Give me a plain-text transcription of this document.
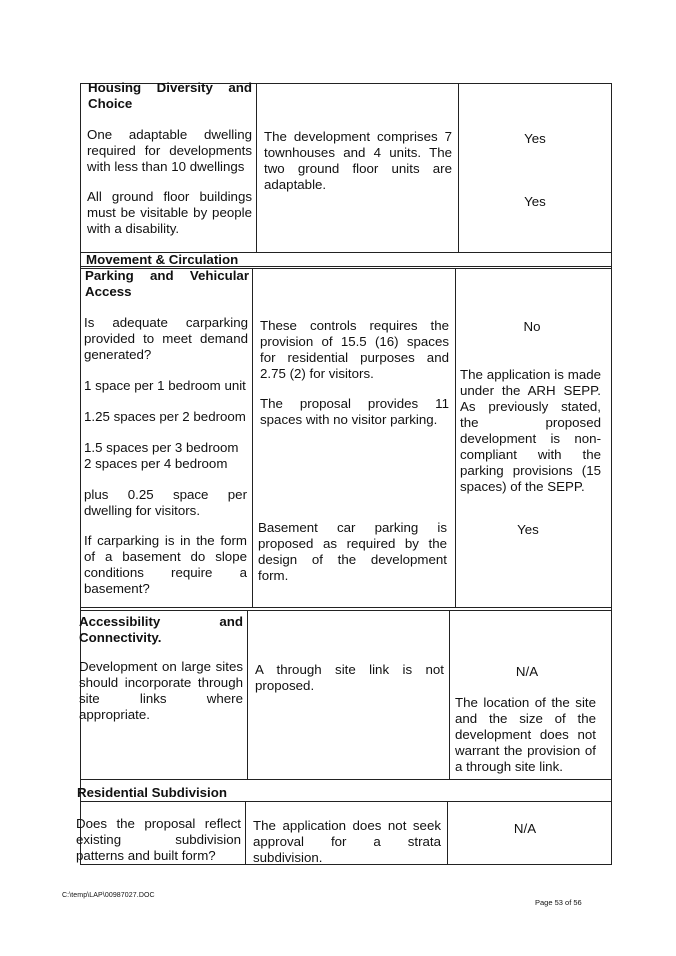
Housing Diversity and Choice
One adaptable dwelling required for developments with less than 10 dwellings
All ground floor buildings must be visitable by people with a disability.
The development comprises 7 townhouses and 4 units. The two ground floor units are adaptable.
Yes
Yes
Movement & Circulation
Parking and Vehicular Access
Is adequate carparking provided to meet demand generated?
1 space per 1 bedroom unit
1.25 spaces per 2 bedroom
1.5 spaces per 3 bedroom
2 spaces per 4 bedroom
plus 0.25 space per dwelling for visitors.
If carparking is in the form of a basement do slope conditions require a basement?
These controls requires the provision of 15.5 (16) spaces for residential purposes and 2.75 (2) for visitors.
The proposal provides 11 spaces with no visitor parking.
Basement car parking is proposed as required by the design of the development form.
No
The application is made under the ARH SEPP. As previously stated, the proposed development is non-compliant with the parking provisions (15 spaces) of the SEPP.
Yes
Accessibility and Connectivity.
Development on large sites should incorporate through site links where appropriate.
A through site link is not proposed.
N/A
The location of the site and the size of the development does not warrant the provision of a through site link.
Residential Subdivision
Does the proposal reflect existing subdivision patterns and built form?
The application does not seek approval for a strata subdivision.
N/A
C:\temp\LAP\00987027.DOC
Page 53 of 56
